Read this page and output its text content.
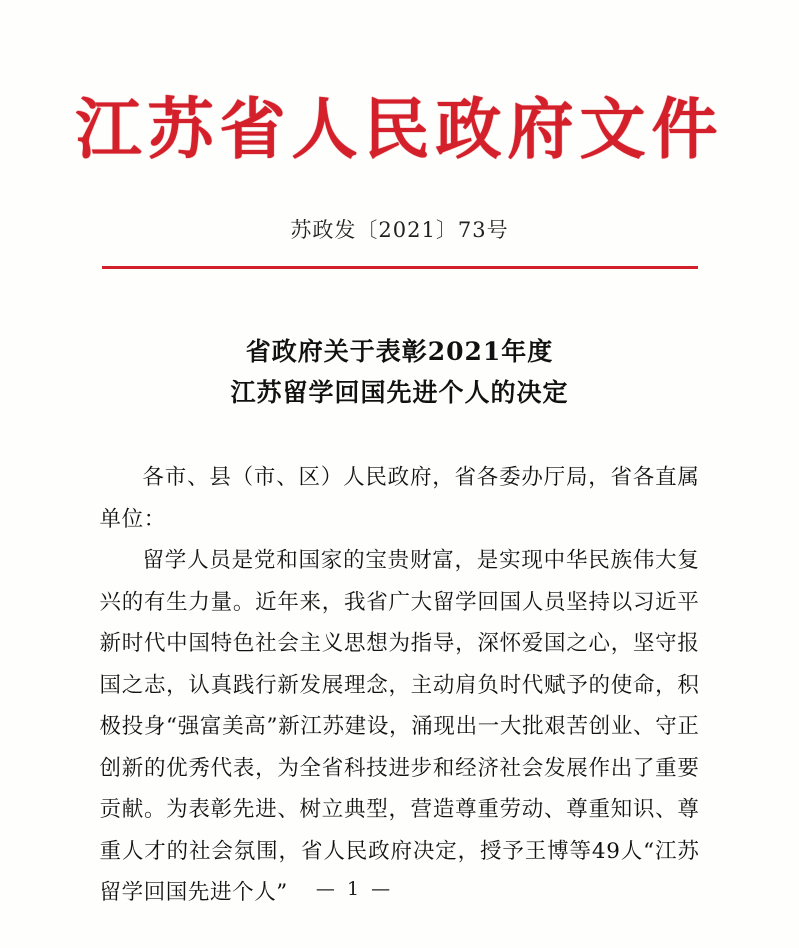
江苏省人民政府文件
苏政发〔2021〕73号
省政府关于表彰2021年度
江苏留学回国先进个人的决定

各市、县（市、区）人民政府，省各委办厅局，省各直属单位：

留学人员是党和国家的宝贵财富，是实现中华民族伟大复兴的有生力量。近年来，我省广大留学回国人员坚持以习近平新时代中国特色社会主义思想为指导，深怀爱国之心，坚守报国之志，认真践行新发展理念，主动肩负时代赋予的使命，积极投身“强富美高”新江苏建设，涌现出一大批艰苦创业、守正创新的优秀代表，为全省科技进步和经济社会发展作出了重要贡献。为表彰先进、树立典型，营造尊重劳动、尊重知识、尊重人才的社会氛围，省人民政府决定，授予王博等49人“江苏留学回国先进个人”	— 1 —
